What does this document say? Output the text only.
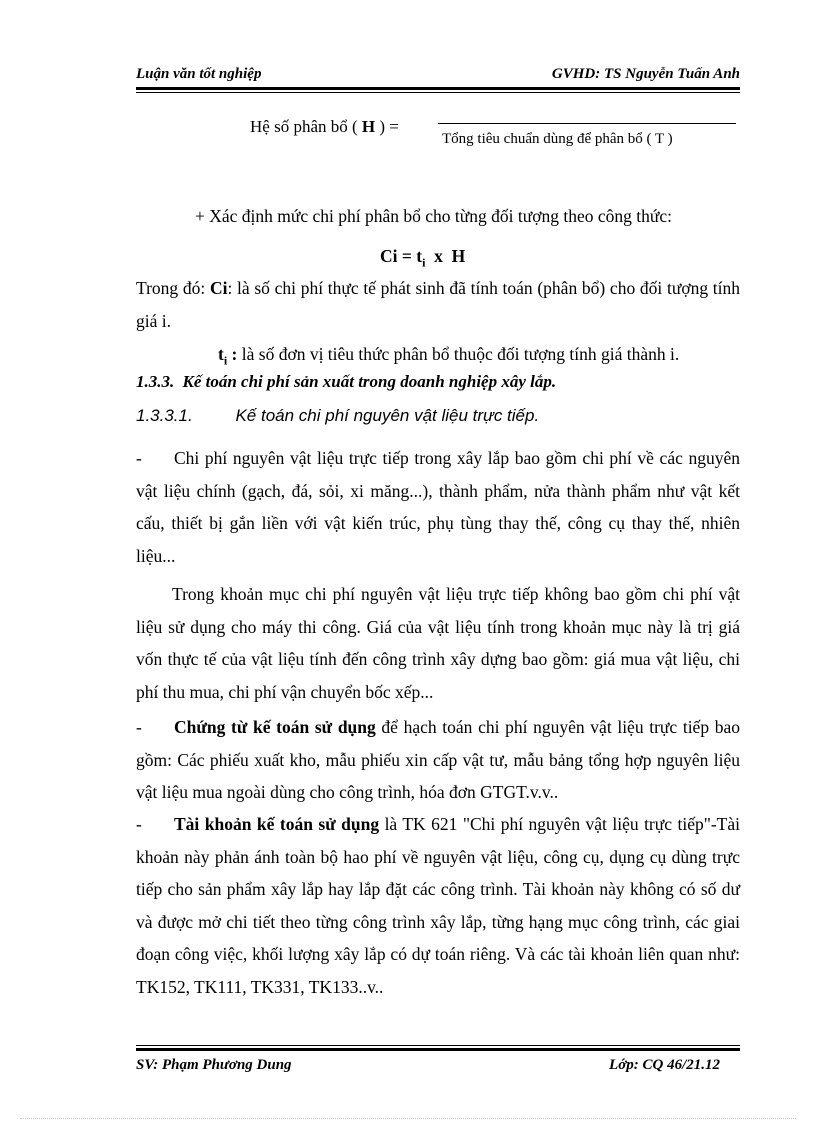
Luận văn tốt nghiệp	GVHD: TS Nguyễn Tuấn Anh
Hệ số phân bổ ( H ) =
Tổng tiêu chuẩn dùng để phân bổ ( T )
+ Xác định mức chi phí phân bổ cho từng đối tượng theo công thức:
$Ci = t_i$  x  H
Trong đó: Ci: là số chi phí thực tế phát sinh đã tính toán (phân bổ) cho đối tượng tính giá i.
$t_i$ : là số đơn vị tiêu thức phân bổ thuộc đối tượng tính giá thành i.
1.3.3. Kế toán chi phí sản xuất trong doanh nghiệp xây lắp.
1.3.3.1.	Kế toán chi phí nguyên vật liệu trực tiếp.
- Chi phí nguyên vật liệu trực tiếp trong xây lắp bao gồm chi phí về các nguyên vật liệu chính (gạch, đá, sỏi, xi măng...), thành phẩm, nửa thành phẩm như vật kết cấu, thiết bị gắn liền với vật kiến trúc, phụ tùng thay thế, công cụ thay thế, nhiên liệu...
Trong khoản mục chi phí nguyên vật liệu trực tiếp không bao gồm chi phí vật liệu sử dụng cho máy thi công. Giá của vật liệu tính trong khoản mục này là trị giá vốn thực tế của vật liệu tính đến công trình xây dựng bao gồm: giá mua vật liệu, chi phí thu mua, chi phí vận chuyển bốc xếp...
- Chứng từ kế toán sử dụng để hạch toán chi phí nguyên vật liệu trực tiếp bao gồm: Các phiếu xuất kho, mẫu phiếu xin cấp vật tư, mẫu bảng tổng hợp nguyên liệu vật liệu mua ngoài dùng cho công trình, hóa đơn GTGT.v.v..
- Tài khoản kế toán sử dụng là TK 621 "Chi phí nguyên vật liệu trực tiếp"-Tài khoản này phản ánh toàn bộ hao phí về nguyên vật liệu, công cụ, dụng cụ dùng trực tiếp cho sản phẩm xây lắp hay lắp đặt các công trình. Tài khoản này không có số dư và được mở chi tiết theo từng công trình xây lắp, từng hạng mục công trình, các giai đoạn công việc, khối lượng xây lắp có dự toán riêng. Và các tài khoản liên quan như: TK152, TK111, TK331, TK133..v..
SV: Phạm Phương Dung	Lớp: CQ 46/21.12
